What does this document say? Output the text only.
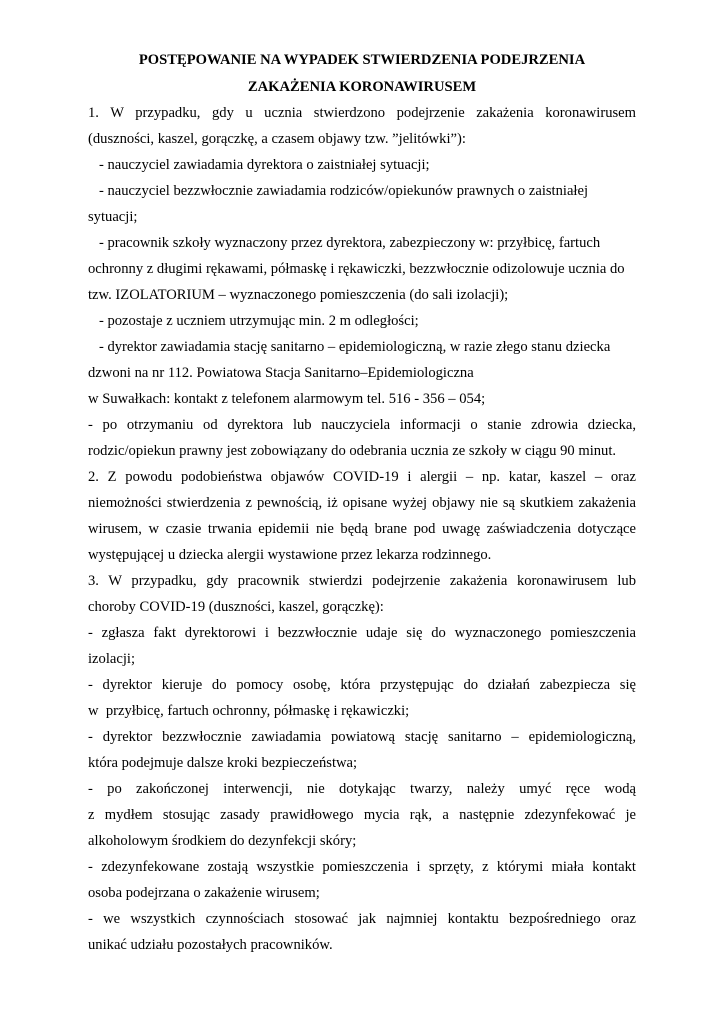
POSTĘPOWANIE NA WYPADEK STWIERDZENIA PODEJRZENIA
ZAKAŻENIA KORONAWIRUSEM
1. W przypadku, gdy u ucznia stwierdzono podejrzenie zakażenia koronawirusem
(duszności, kaszel, gorączkę, a czasem objawy tzw. ”jelitówki”):
- nauczyciel zawiadamia dyrektora o zaistniałej sytuacji;
- nauczyciel bezzwłocznie zawiadamia rodziców/opiekunów prawnych o zaistniałej
sytuacji;
- pracownik szkoły wyznaczony przez dyrektora, zabezpieczony w: przyłbicę, fartuch
ochronny z długimi rękawami, półmaskę i rękawiczki, bezzwłocznie odizolowuje ucznia do
tzw. IZOLATORIUM – wyznaczonego pomieszczenia (do sali izolacji);
- pozostaje z uczniem utrzymując min. 2 m odległości;
- dyrektor zawiadamia stację sanitarno – epidemiologiczną, w razie złego stanu dziecka
dzwoni na nr 112. Powiatowa Stacja Sanitarno–Epidemiologiczna
w Suwałkach: kontakt z telefonem alarmowym tel. 516 - 356 – 054;
- po otrzymaniu od dyrektora lub nauczyciela informacji o stanie zdrowia dziecka,
rodzic/opiekun prawny jest zobowiązany do odebrania ucznia ze szkoły w ciągu 90 minut.
2. Z powodu podobieństwa objawów COVID-19 i alergii – np. katar, kaszel – oraz
niemożności stwierdzenia z pewnością, iż opisane wyżej objawy nie są skutkiem zakażenia
wirusem, w czasie trwania epidemii nie będą brane pod uwagę zaświadczenia dotyczące
występującej u dziecka alergii wystawione przez lekarza rodzinnego.
3. W przypadku, gdy pracownik stwierdzi podejrzenie zakażenia koronawirusem lub
choroby COVID-19 (duszności, kaszel, gorączkę):
- zgłasza fakt dyrektorowi i bezzwłocznie udaje się do wyznaczonego pomieszczenia
izolacji;
- dyrektor kieruje do pomocy osobę, która przystępując do działań zabezpiecza się
w  przyłbicę, fartuch ochronny, półmaskę i rękawiczki;
- dyrektor bezzwłocznie zawiadamia powiatową stację sanitarno – epidemiologiczną,
która podejmuje dalsze kroki bezpieczeństwa;
- po zakończonej interwencji, nie dotykając twarzy, należy umyć ręce wodą
z mydłem stosując zasady prawidłowego mycia rąk, a następnie zdezynfekować je
alkoholowym środkiem do dezynfekcji skóry;
- zdezynfekowane zostają wszystkie pomieszczenia i sprzęty, z którymi miała kontakt
osoba podejrzana o zakażenie wirusem;
- we wszystkich czynnościach stosować jak najmniej kontaktu bezpośredniego oraz
unikać udziału pozostałych pracowników.
